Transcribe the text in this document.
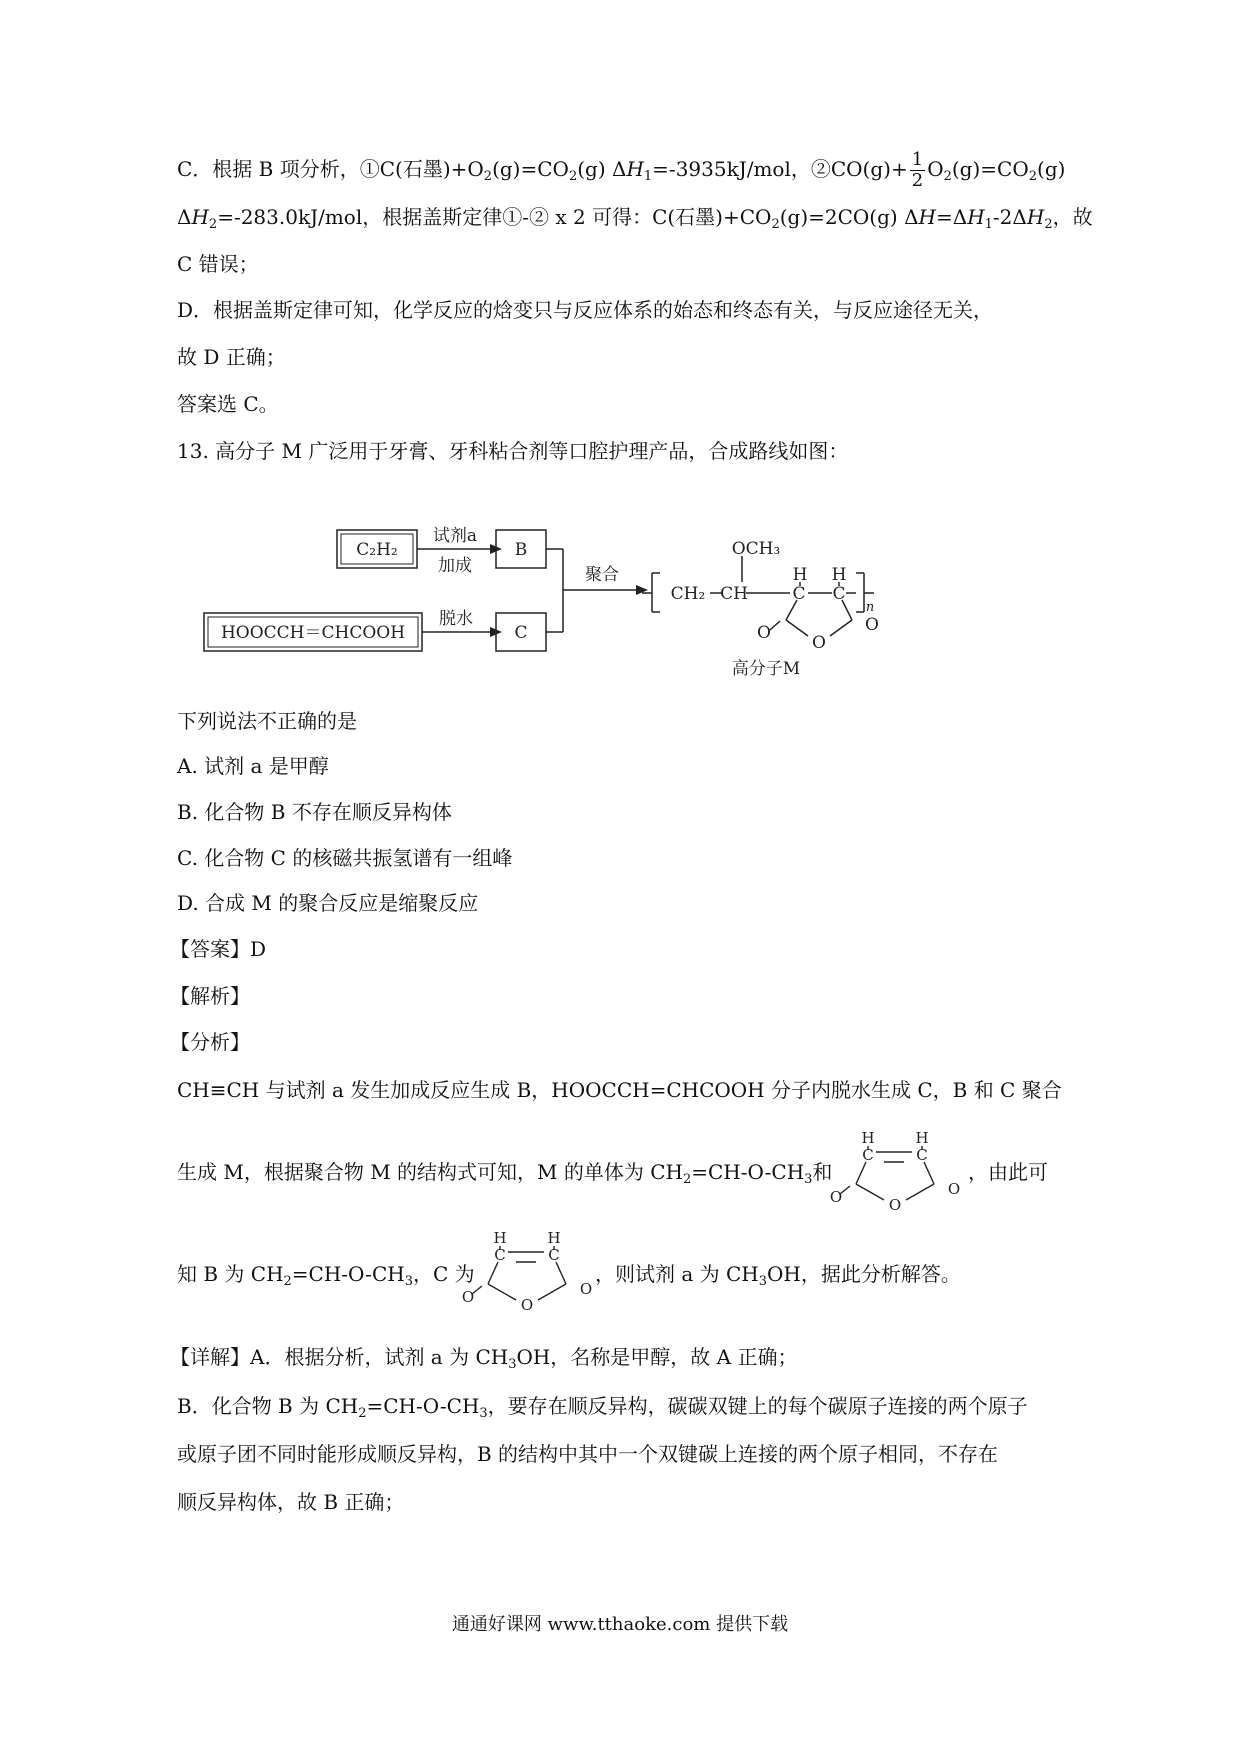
C．根据 B 项分析，①C(石墨)$+O_2(g)=CO_2(g)$ $\Delta H_1=-3935kJ$/mol，②CO(g)+ $\frac{1}{2} O_2(g)=CO_2(g)$
$\Delta H_2=-283.0kJ$/mol，根据盖斯定律①-② x 2 可得：C(石墨)$+CO_2(g)=2CO(g)$ $\Delta H=\Delta H_1-2\Delta H_2$，故
C 错误；
D．根据盖斯定律可知，化学反应的焓变只与反应体系的始态和终态有关，与反应途径无关，
故 D 正确；
答案选 C。
13. 高分子 M 广泛用于牙膏、牙科粘合剂等口腔护理产品，合成路线如图：
C₂H₂
试剂a
加成
B
HOOCCH＝CHCOOH
脱水
C
聚合
OCH₃
CH₂ CH
H H
C C
O O
O
n
高分子M
下列说法不正确的是
A. 试剂 a 是甲醇
B. 化合物 B 不存在顺反异构体
C. 化合物 C 的核磁共振氢谱有一组峰
D. 合成 M 的聚合反应是缩聚反应
【答案】D
【解析】
【分析】
CH≡CH 与试剂 a 发生加成反应生成 B，HOOCCH=CHCOOH 分子内脱水生成 C，B 和 C 聚合
生成 M，根据聚合物 M 的结构式可知，M 的单体为 $CH_2=CH-O-CH_3$和	，由此可
知 B 为 $CH_2=CH-O-CH_3$，C 为	，则试剂 a 为 $CH_3OH$，据此分析解答。
H	H
C	C
O	O
O
H	H
C	C
O	O
O
【详解】A．根据分析，试剂 a 为 $CH_3OH$，名称是甲醇，故 A 正确；
B．化合物 B 为 $CH_2=CH-O-CH_3$，要存在顺反异构，碳碳双键上的每个碳原子连接的两个原子
或原子团不同时能形成顺反异构，B 的结构中其中一个双键碳上连接的两个原子相同，不存在
顺反异构体，故 B 正确；
通通好课网 www.tthaoke.com 提供下载
